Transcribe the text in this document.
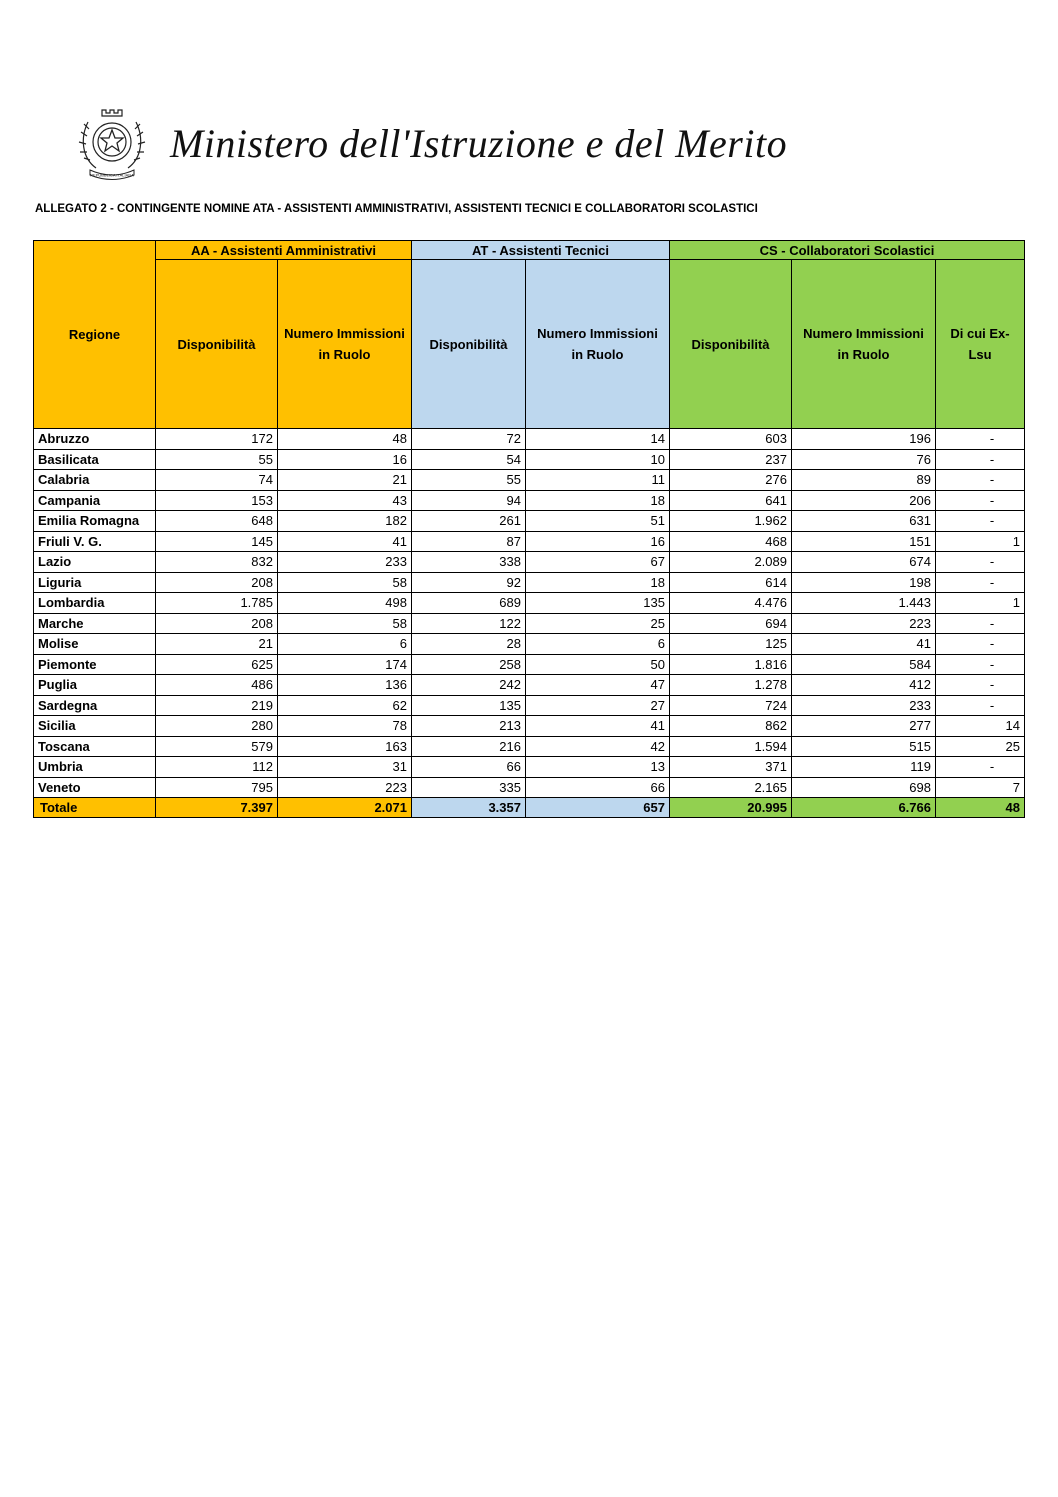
REPUBBLICA ITALIANA
Ministero dell'Istruzione e del Merito
ALLEGATO 2 - CONTINGENTE NOMINE ATA - ASSISTENTI AMMINISTRATIVI, ASSISTENTI TECNICI E COLLABORATORI SCOLASTICI
Regione	AA - Assistenti Amministrativi		AT - Assistenti Tecnici		CS - Collaboratori Scolastici		
	Disponibilità	Numero Immissioni in Ruolo	Disponibilità	Numero Immissioni in Ruolo	Disponibilità	Numero Immissioni in Ruolo	Di cui Ex-Lsu
Abruzzo	172	48	72	14	603	196	-
Basilicata	55	16	54	10	237	76	-
Calabria	74	21	55	11	276	89	-
Campania	153	43	94	18	641	206	-
Emilia Romagna	648	182	261	51	1.962	631	-
Friuli V. G.	145	41	87	16	468	151	1
Lazio	832	233	338	67	2.089	674	-
Liguria	208	58	92	18	614	198	-
Lombardia	1.785	498	689	135	4.476	1.443	1
Marche	208	58	122	25	694	223	-
Molise	21	6	28	6	125	41	-
Piemonte	625	174	258	50	1.816	584	-
Puglia	486	136	242	47	1.278	412	-
Sardegna	219	62	135	27	724	233	-
Sicilia	280	78	213	41	862	277	14
Toscana	579	163	216	42	1.594	515	25
Umbria	112	31	66	13	371	119	-
Veneto	795	223	335	66	2.165	698	7
Totale	7.397	2.071	3.357	657	20.995	6.766	48
